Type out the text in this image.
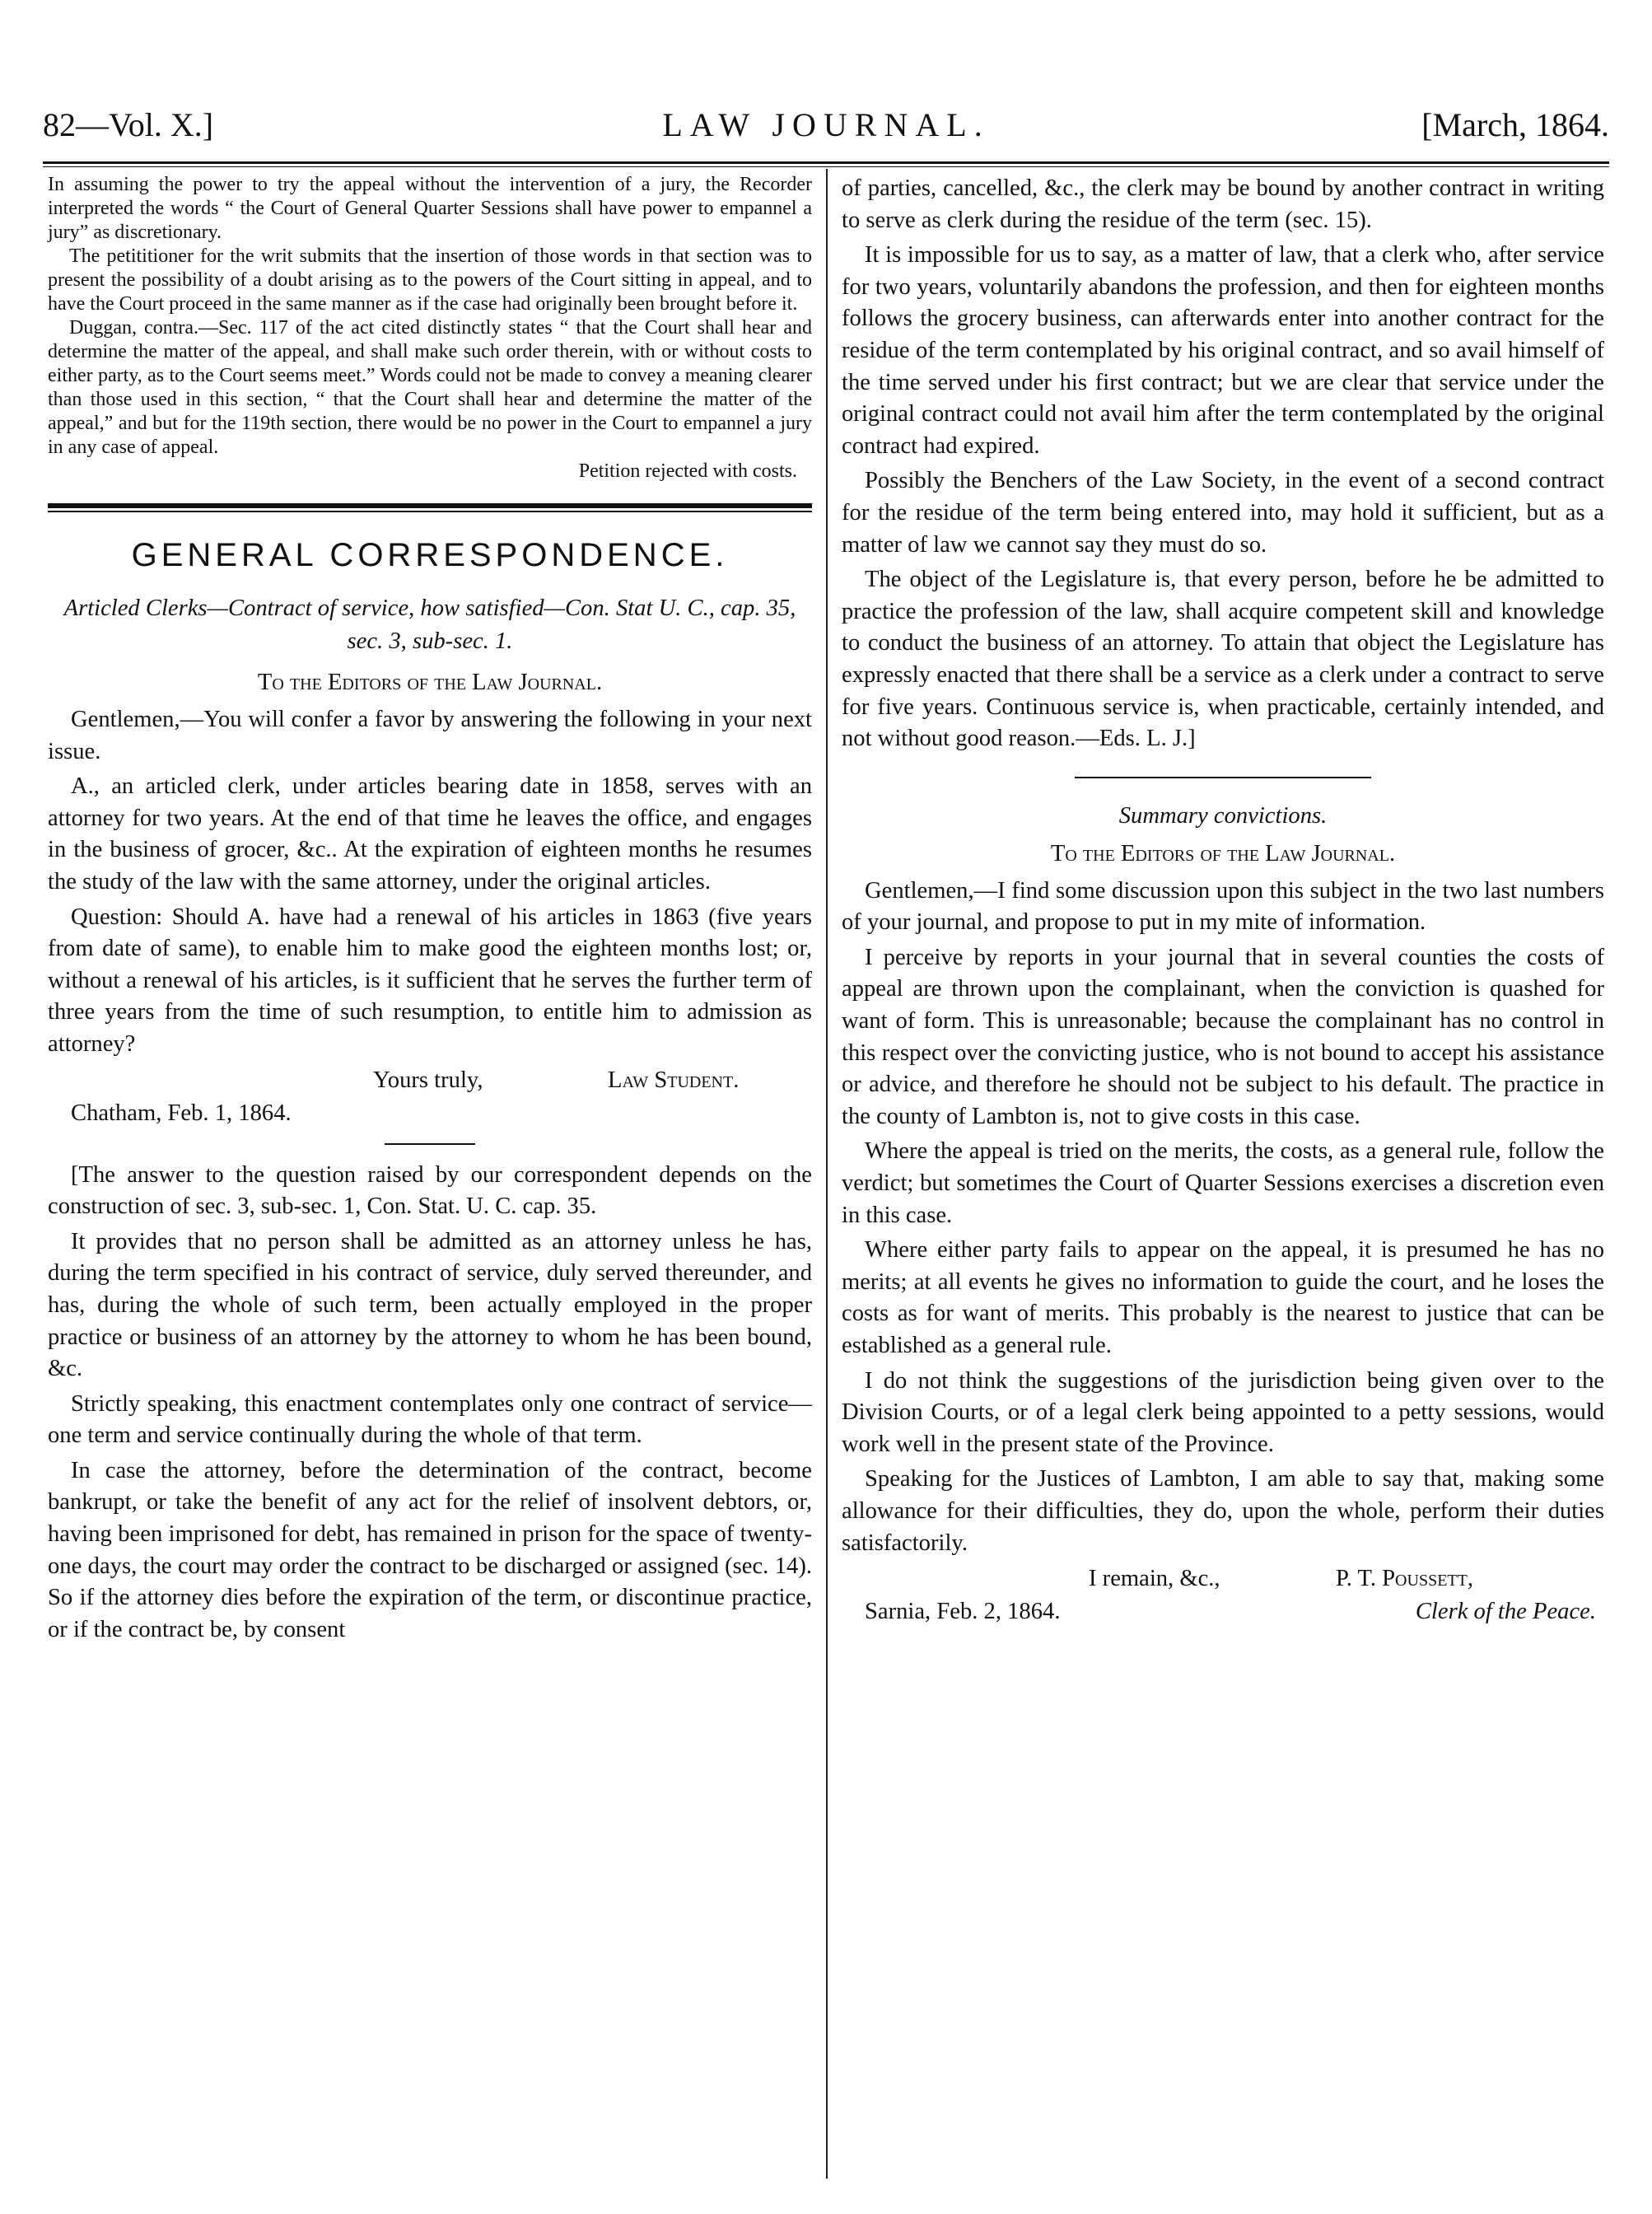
82—Vol. X.]	LAW JOURNAL.	[March, 1864.

In assuming the power to try the appeal without the intervention of a jury, the Recorder interpreted the words “ the Court of General Quarter Sessions shall have power to empannel a jury” as discretionary.

The petititioner for the writ submits that the insertion of those words in that section was to present the possibility of a doubt arising as to the powers of the Court sitting in appeal, and to have the Court proceed in the same manner as if the case had originally been brought before it.

Duggan, contra.—Sec. 117 of the act cited distinctly states “ that the Court shall hear and determine the matter of the appeal, and shall make such order therein, with or without costs to either party, as to the Court seems meet.” Words could not be made to convey a meaning clearer than those used in this section, “ that the Court shall hear and determine the matter of the appeal,” and but for the 119th section, there would be no power in the Court to empannel a jury in any case of appeal.

Petition rejected with costs.
GENERAL CORRESPONDENCE.
Articled Clerks—Contract of service, how satisfied—Con. Stat U. C., cap. 35, sec. 3, sub-sec. 1.
To the Editors of the Law Journal.

Gentlemen,—You will confer a favor by answering the following in your next issue.

A., an articled clerk, under articles bearing date in 1858, serves with an attorney for two years. At the end of that time he leaves the office, and engages in the business of grocer, &c.. At the expiration of eighteen months he resumes the study of the law with the same attorney, under the original articles.

Question: Should A. have had a renewal of his articles in 1863 (five years from date of same), to enable him to make good the eighteen months lost; or, without a renewal of his articles, is it sufficient that he serves the further term of three years from the time of such resumption, to entitle him to admission as attorney?

Yours truly,	Law Student.
Chatham, Feb. 1, 1864.

[The answer to the question raised by our correspondent depends on the construction of sec. 3, sub-sec. 1, Con. Stat. U. C. cap. 35.

It provides that no person shall be admitted as an attorney unless he has, during the term specified in his contract of service, duly served thereunder, and has, during the whole of such term, been actually employed in the proper practice or business of an attorney by the attorney to whom he has been bound, &c.

Strictly speaking, this enactment contemplates only one contract of service—one term and service continually during the whole of that term.

In case the attorney, before the determination of the contract, become bankrupt, or take the benefit of any act for the relief of insolvent debtors, or, having been imprisoned for debt, has remained in prison for the space of twenty-one days, the court may order the contract to be discharged or assigned (sec. 14). So if the attorney dies before the expiration of the term, or discontinue practice, or if the contract be, by consent

of parties, cancelled, &c., the clerk may be bound by another contract in writing to serve as clerk during the residue of the term (sec. 15).

It is impossible for us to say, as a matter of law, that a clerk who, after service for two years, voluntarily abandons the profession, and then for eighteen months follows the grocery business, can afterwards enter into another contract for the residue of the term contemplated by his original contract, and so avail himself of the time served under his first contract; but we are clear that service under the original contract could not avail him after the term contemplated by the original contract had expired.

Possibly the Benchers of the Law Society, in the event of a second contract for the residue of the term being entered into, may hold it sufficient, but as a matter of law we cannot say they must do so.

The object of the Legislature is, that every person, before he be admitted to practice the profession of the law, shall acquire competent skill and knowledge to conduct the business of an attorney. To attain that object the Legislature has expressly enacted that there shall be a service as a clerk under a contract to serve for five years. Continuous service is, when practicable, certainly intended, and not without good reason.—Eds. L. J.]

Summary convictions.
To the Editors of the Law Journal.

Gentlemen,—I find some discussion upon this subject in the two last numbers of your journal, and propose to put in my mite of information.

I perceive by reports in your journal that in several counties the costs of appeal are thrown upon the complainant, when the conviction is quashed for want of form. This is unreasonable; because the complainant has no control in this respect over the convicting justice, who is not bound to accept his assistance or advice, and therefore he should not be subject to his default. The practice in the county of Lambton is, not to give costs in this case.

Where the appeal is tried on the merits, the costs, as a general rule, follow the verdict; but sometimes the Court of Quarter Sessions exercises a discretion even in this case.

Where either party fails to appear on the appeal, it is presumed he has no merits; at all events he gives no information to guide the court, and he loses the costs as for want of merits. This probably is the nearest to justice that can be established as a general rule.

I do not think the suggestions of the jurisdiction being given over to the Division Courts, or of a legal clerk being appointed to a petty sessions, would work well in the present state of the Province.

Speaking for the Justices of Lambton, I am able to say that, making some allowance for their difficulties, they do, upon the whole, perform their duties satisfactorily.

I remain, &c.,	P. T. Poussett,
Sarnia, Feb. 2, 1864.	Clerk of the Peace.
